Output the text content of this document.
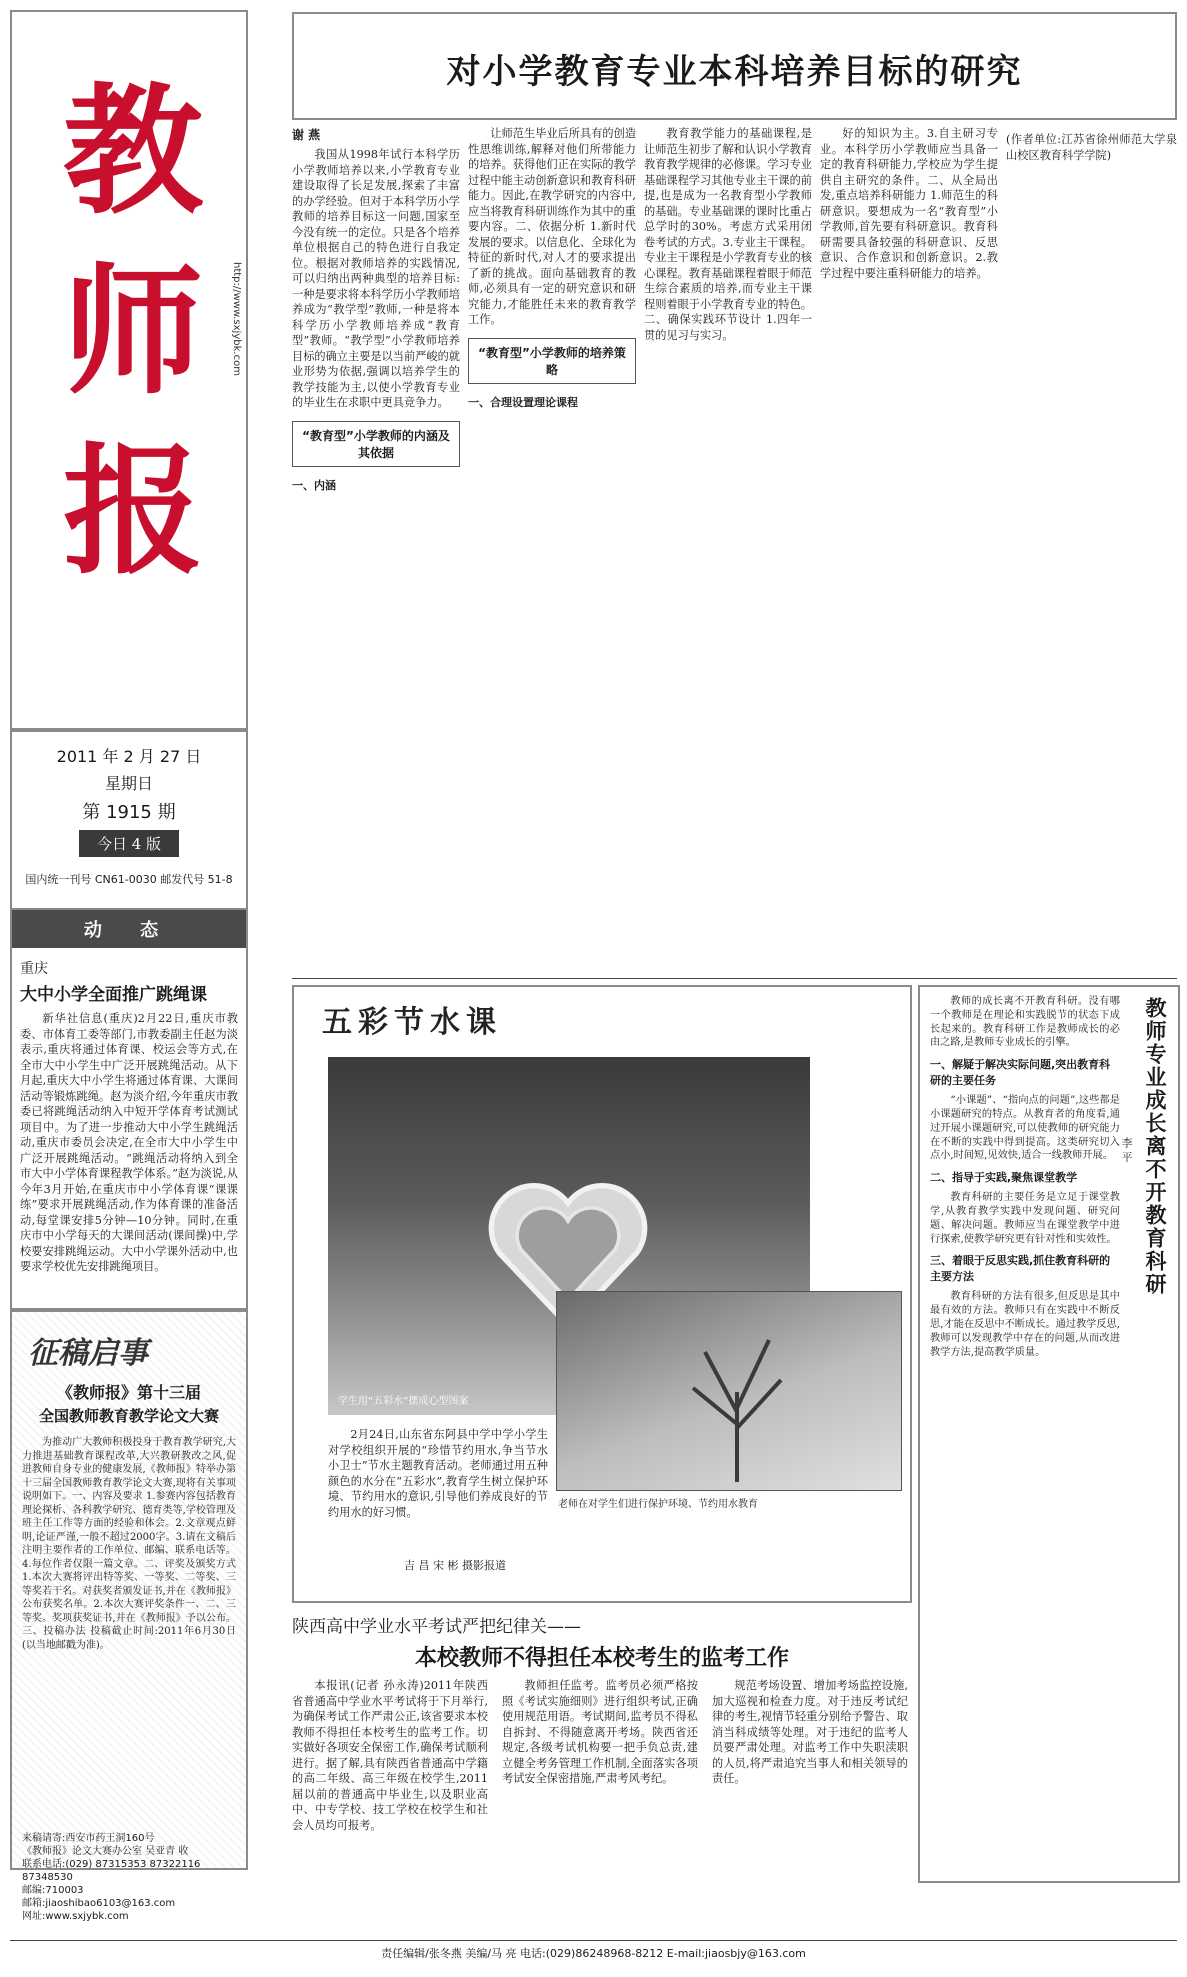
教师报
http://www.sxjybk.com
2011 年 2 月 27 日
星期日
第 1915 期
今日 4 版
国内统一刊号 CN61-0030 邮发代号 51-8
动 态
重庆
大中小学全面推广跳绳课

新华社信息(重庆)2月22日,重庆市教委、市体育工委等部门,市教委副主任赵为淡表示,重庆将通过体育课、校运会等方式,在全市大中小学生中广泛开展跳绳活动。从下月起,重庆大中小学生将通过体育课、大课间活动等锻炼跳绳。赵为淡介绍,今年重庆市教委已将跳绳活动纳入中短开学体育考试测试项目中。为了进一步推动大中小学生跳绳活动,重庆市委员会决定,在全市大中小学生中广泛开展跳绳活动。“跳绳活动将纳入到全市大中小学体育课程教学体系。”赵为淡说,从今年3月开始,在重庆市中小学体育课“课课练”要求开展跳绳活动,作为体育课的准备活动,每堂课安排5分钟—10分钟。同时,在重庆市中小学每天的大课间活动(课间操)中,学校要安排跳绳运动。大中小学课外活动中,也要求学校优先安排跳绳项目。

征稿启事
《教师报》第十三届
全国教师教育教学论文大赛

为推动广大教师积极投身于教育教学研究,大力推进基础教育课程改革,大兴教研教改之风,促进教师自身专业的健康发展,《教师报》特举办第十三届全国教师教育教学论文大赛,现将有关事项说明如下。一、内容及要求 1.参赛内容包括教育理论探析、各科教学研究、德育类等,学校管理及班主任工作等方面的经验和体会。2.文章观点鲜明,论证严谨,一般不超过2000字。3.请在文稿后注明主要作者的工作单位、邮编、联系电话等。4.每位作者仅限一篇文章。二、评奖及颁奖方式 1.本次大赛将评出特等奖、一等奖、二等奖、三等奖若干名。对获奖者颁发证书,并在《教师报》公布获奖名单。2.本次大赛评奖条件一、二、三等奖。奖项获奖证书,并在《教师报》予以公布。三、投稿办法 投稿截止时间:2011年6月30日(以当地邮戳为准)。

来稿请寄:西安市药王洞160号
《教师报》论文大赛办公室 吴亚青 收
联系电话:(029) 87315353 87322116 87348530
邮编:710003
邮箱:jiaoshibao6103@163.com
网址:www.sxjybk.com
对小学教育专业本科培养目标的研究
谢 燕

我国从1998年试行本科学历小学教师培养以来,小学教育专业建设取得了长足发展,探索了丰富的办学经验。但对于本科学历小学教师的培养目标这一问题,国家至今没有统一的定位。只是各个培养单位根据自己的特色进行自我定位。根据对教师培养的实践情况,可以归纳出两种典型的培养目标:一种是要求将本科学历小学教师培养成为“教学型”教师,一种是将本科学历小学教师培养成“教育型”教师。“教学型”小学教师培养目标的确立主要是以当前严峻的就业形势为依据,强调以培养学生的教学技能为主,以使小学教育专业的毕业生在求职中更具竞争力。

“教育型”小学教师的内涵及其依据
一、内涵

让师范生毕业后所具有的创造性思维训练,解释对他们所带能力的培养。获得他们正在实际的教学过程中能主动创新意识和教育科研能力。因此,在教学研究的内容中,应当将教育科研训练作为其中的重要内容。二、依据分析 1.新时代发展的要求。以信息化、全球化为特征的新时代,对人才的要求提出了新的挑战。面向基础教育的教师,必须具有一定的研究意识和研究能力,才能胜任未来的教育教学工作。

“教育型”小学教师的培养策略
一、合理设置理论课程

教育教学能力的基础课程,是让师范生初步了解和认识小学教育教育教学规律的必修课。学习专业基础课程学习其他专业主干课的前提,也是成为一名教育型小学教师的基础。专业基础课的课时比重占总学时的30%。考虑方式采用闭卷考试的方式。3.专业主干课程。专业主干课程是小学教育专业的核心课程。教育基础课程着眼于师范生综合素质的培养,而专业主干课程则着眼于小学教育专业的特色。二、确保实践环节设计 1.四年一贯的见习与实习。

好的知识为主。3.自主研习专业。本科学历小学教师应当具备一定的教育科研能力,学校应为学生提供自主研究的条件。二、从全局出发,重点培养科研能力 1.师范生的科研意识。要想成为一名“教育型”小学教师,首先要有科研意识。教育科研需要具备较强的科研意识、反思意识、合作意识和创新意识。2.教学过程中要注重科研能力的培养。

(作者单位:江苏省徐州师范大学泉山校区教育科学学院)

五彩节水课
学生用“五彩水”摆成心型图案

2月24日,山东省东阿县中学中学小学生对学校组织开展的“珍惜节约用水,争当节水小卫士”节水主题教育活动。老师通过用五种颜色的水分在“五彩水”,教育学生树立保护环境、节约用水的意识,引导他们养成良好的节约用水的好习惯。

吉 昌 宋 彬 摄影报道
老师在对学生们进行保护环境、节约用水教育
陕西高中学业水平考试严把纪律关——
本校教师不得担任本校考生的监考工作

本报讯(记者 孙永涛)2011年陕西省普通高中学业水平考试将于下月举行,为确保考试工作严肃公正,该省要求本校教师不得担任本校考生的监考工作。切实做好各项安全保密工作,确保考试顺利进行。据了解,具有陕西省普通高中学籍的高二年级、高三年级在校学生,2011届以前的普通高中毕业生,以及职业高中、中专学校、技工学校在校学生和社会人员均可报考。

教师担任监考。监考员必须严格按照《考试实施细则》进行组织考试,正确使用规范用语。考试期间,监考员不得私自拆封、不得随意离开考场。陕西省还规定,各级考试机构要一把手负总责,建立健全考务管理工作机制,全面落实各项考试安全保密措施,严肃考风考纪。

规范考场设置、增加考场监控设施,加大巡视和检查力度。对于违反考试纪律的考生,视情节轻重分别给予警告、取消当科成绩等处理。对于违纪的监考人员要严肃处理。对监考工作中失职渎职的人员,将严肃追究当事人和相关领导的责任。

教师专业成长离不开教育科研
李 平

教师的成长离不开教育科研。没有哪一个教师是在理论和实践脱节的状态下成长起来的。教育科研工作是教师成长的必由之路,是教师专业成长的引擎。

一、解疑于解决实际问题,突出教育科研的主要任务

“小课题”、“指向点的问题”,这些都是小课题研究的特点。从教育者的角度看,通过开展小课题研究,可以使教师的研究能力在不断的实践中得到提高。这类研究切入点小,时间短,见效快,适合一线教师开展。

二、指导于实践,聚焦课堂教学

教育科研的主要任务是立足于课堂教学,从教育教学实践中发现问题、研究问题、解决问题。教师应当在课堂教学中进行探索,使教学研究更有针对性和实效性。

三、着眼于反思实践,抓住教育科研的主要方法

教育科研的方法有很多,但反思是其中最有效的方法。教师只有在实践中不断反思,才能在反思中不断成长。通过教学反思,教师可以发现教学中存在的问题,从而改进教学方法,提高教学质量。

责任编辑/张冬燕 美编/马 亮 电话:(029)86248968-8212 E-mail:jiaosbjy@163.com
